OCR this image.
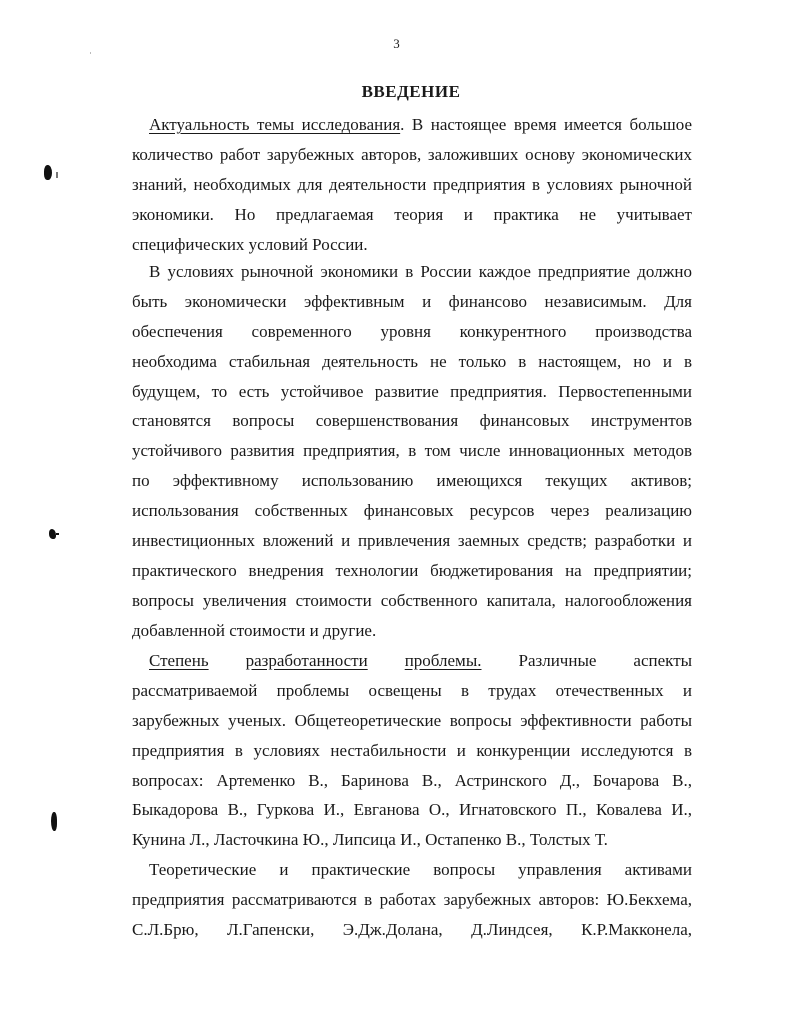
3
ВВЕДЕНИЕ
Актуальность темы исследования. В настоящее время имеется большое
количество работ зарубежных авторов, заложивших основу экономических
знаний, необходимых для деятельности предприятия в условиях рыночной
экономики. Но предлагаемая теория и практика не учитывает
специфических условий России.
В условиях рыночной экономики в России каждое предприятие должно
быть экономически эффективным и финансово независимым. Для
обеспечения современного уровня конкурентного производства
необходима стабильная деятельность не только в настоящем, но и в
будущем, то есть устойчивое развитие предприятия. Первостепенными
становятся вопросы совершенствования финансовых инструментов
устойчивого развития предприятия, в том числе инновационных методов
по эффективному использованию имеющихся текущих активов;
использования собственных финансовых ресурсов через реализацию
инвестиционных вложений и привлечения заемных средств; разработки и
практического внедрения технологии бюджетирования на предприятии;
вопросы увеличения стоимости собственного капитала, налогообложения
добавленной стоимости и другие.
Степень разработанности проблемы. Различные аспекты
рассматриваемой проблемы освещены в трудах отечественных и
зарубежных ученых. Общетеоретические вопросы эффективности работы
предприятия в условиях нестабильности и конкуренции исследуются в
вопросах: Артеменко В., Баринова В., Астринского Д., Бочарова В.,
Быкадорова В., Гуркова И., Евганова О., Игнатовского П., Ковалева И.,
Кунина Л., Ласточкина Ю., Липсица И., Остапенко В., Толстых Т.
Теоретические и практические вопросы управления активами
предприятия рассматриваются в работах зарубежных авторов: Ю.Бекхема,
С.Л.Брю, Л.Гапенски, Э.Дж.Долана, Д.Линдсея, К.Р.Макконела,
